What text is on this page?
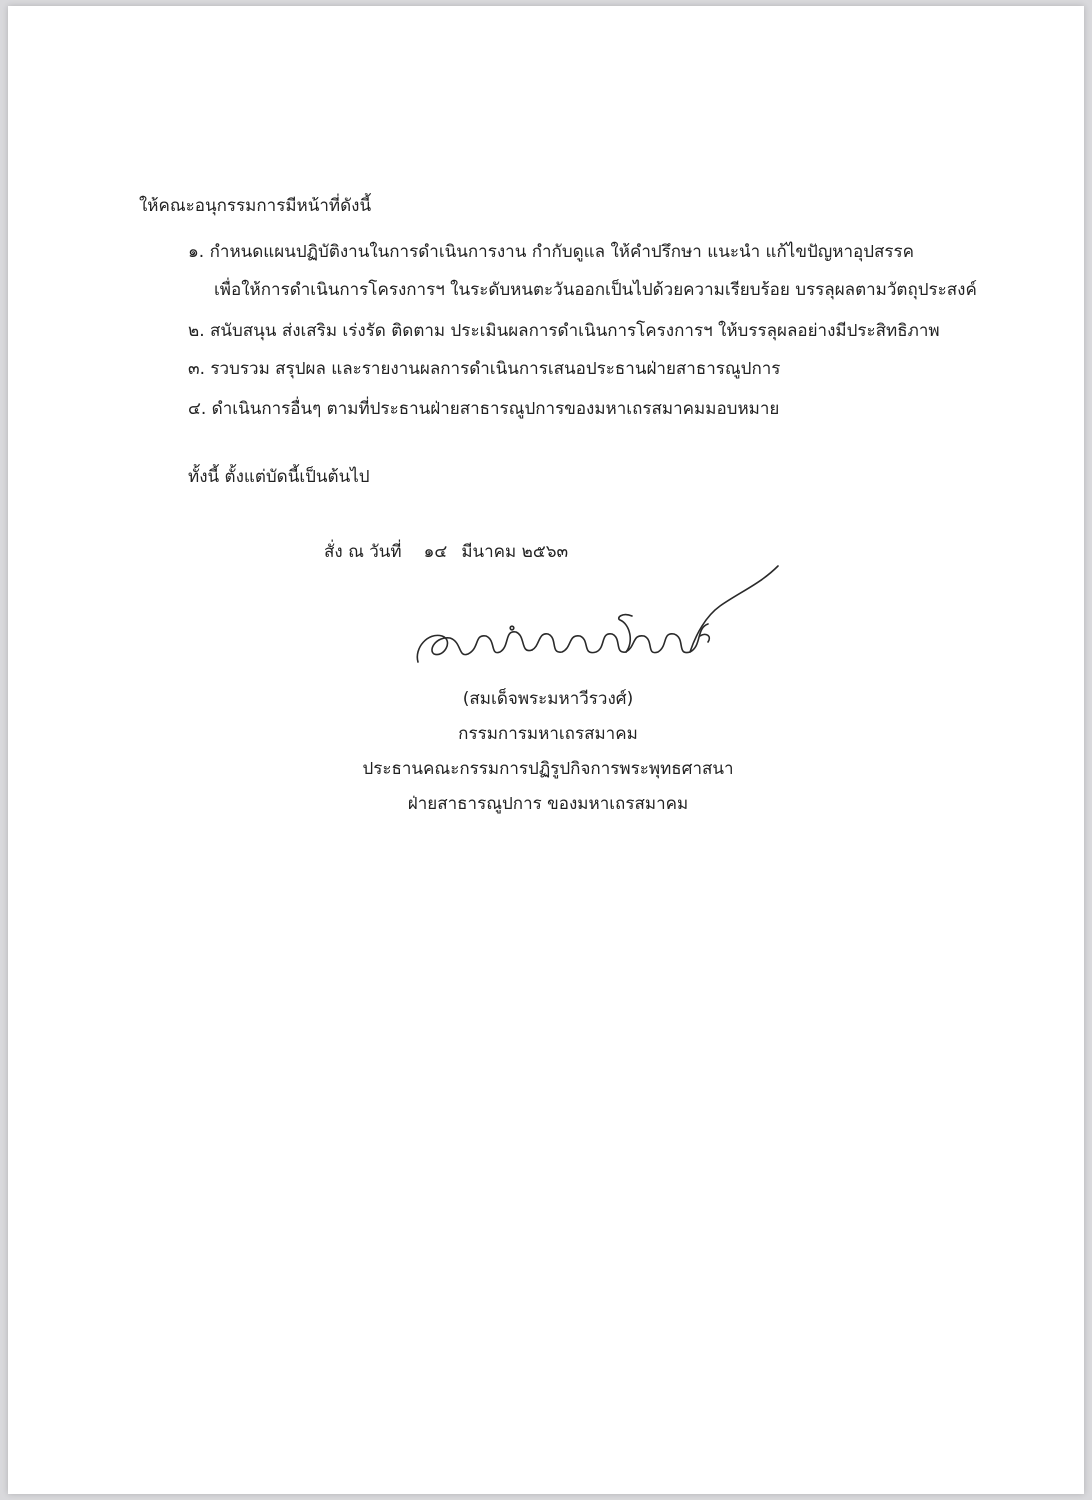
ให้คณะอนุกรรมการมีหน้าที่ดังนี้
๑. กำหนดแผนปฏิบัติงานในการดำเนินการงาน กำกับดูแล ให้คำปรึกษา แนะนำ แก้ไขปัญหาอุปสรรค
เพื่อให้การดำเนินการโครงการฯ ในระดับหนตะวันออกเป็นไปด้วยความเรียบร้อย บรรลุผลตามวัตถุประสงค์
๒. สนับสนุน ส่งเสริม เร่งรัด ติดตาม ประเมินผลการดำเนินการโครงการฯ ให้บรรลุผลอย่างมีประสิทธิภาพ
๓. รวบรวม สรุปผล และรายงานผลการดำเนินการเสนอประธานฝ่ายสาธารณูปการ
๔. ดำเนินการอื่นๆ ตามที่ประธานฝ่ายสาธารณูปการของมหาเถรสมาคมมอบหมาย
ทั้งนี้ ตั้งแต่บัดนี้เป็นต้นไป
สั่ง ณ วันที่ ๑๔ มีนาคม ๒๕๖๓
(สมเด็จพระมหาวีรวงศ์)
กรรมการมหาเถรสมาคม
ประธานคณะกรรมการปฏิรูปกิจการพระพุทธศาสนา
ฝ่ายสาธารณูปการ ของมหาเถรสมาคม
